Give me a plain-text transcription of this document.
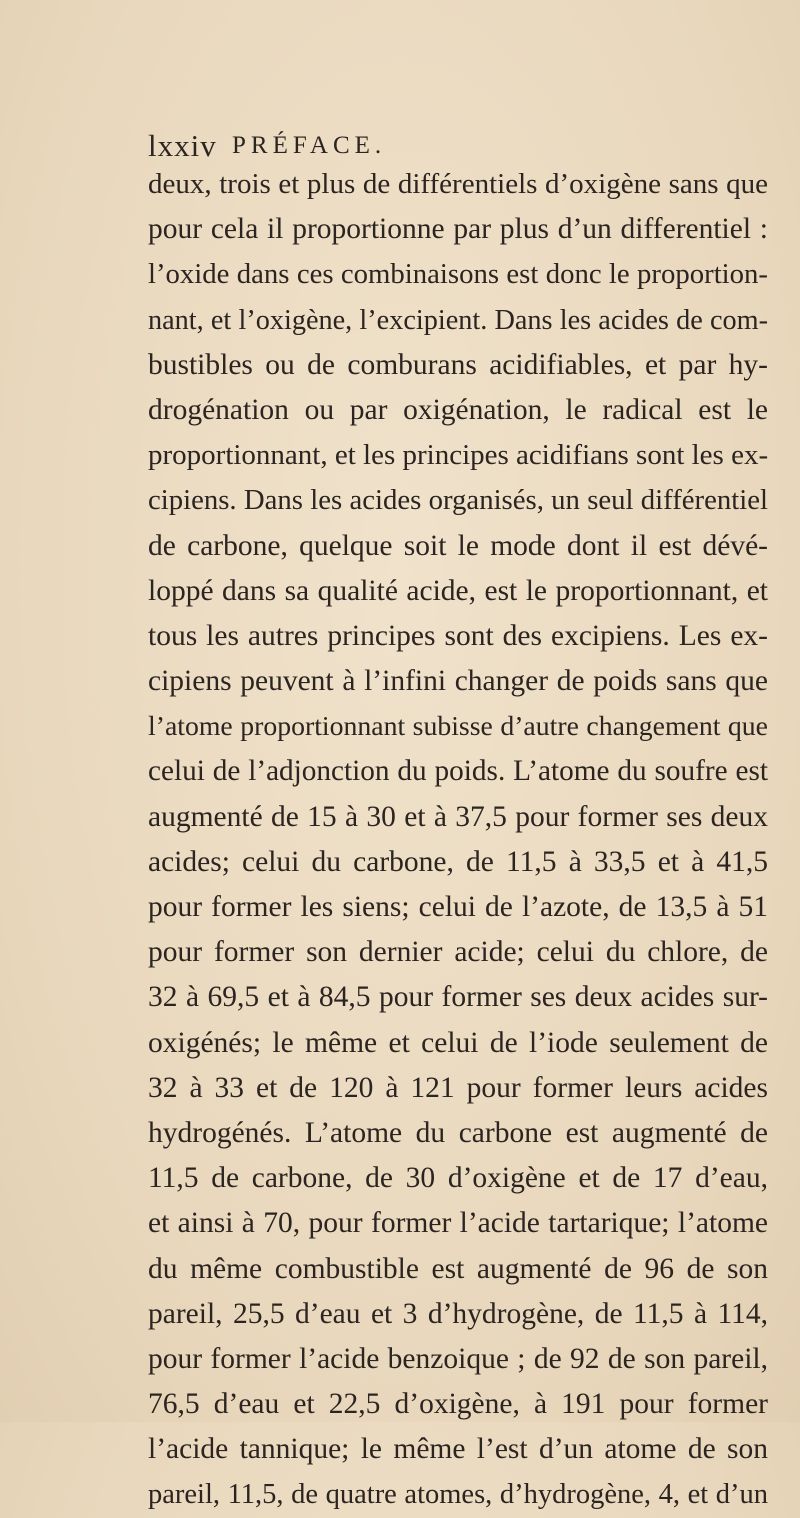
lxxiv PRÉFACE.
deux, trois et plus de différentiels d’oxigène sans que
pour cela il proportionne par plus d’un differentiel :
l’oxide dans ces combinaisons est donc le proportion-
nant, et l’oxigène, l’excipient. Dans les acides de com-
bustibles ou de comburans acidifiables, et par hy-
drogénation ou par oxigénation, le radical est le
proportionnant, et les principes acidifians sont les ex-
cipiens. Dans les acides organisés, un seul différentiel
de carbone, quelque soit le mode dont il est dévé-
loppé dans sa qualité acide, est le proportionnant, et
tous les autres principes sont des excipiens. Les ex-
cipiens peuvent à l’infini changer de poids sans que
l’atome proportionnant subisse d’autre changement que
celui de l’adjonction du poids. L’atome du soufre est
augmenté de 15 à 30 et à 37,5 pour former ses deux
acides; celui du carbone, de 11,5 à 33,5 et à 41,5
pour former les siens; celui de l’azote, de 13,5 à 51
pour former son dernier acide; celui du chlore, de
32 à 69,5 et à 84,5 pour former ses deux acides sur-
oxigénés; le même et celui de l’iode seulement de
32 à 33 et de 120 à 121 pour former leurs acides
hydrogénés. L’atome du carbone est augmenté de
11,5 de carbone, de 30 d’oxigène et de 17 d’eau,
et ainsi à 70, pour former l’acide tartarique; l’atome
du même combustible est augmenté de 96 de son
pareil, 25,5 d’eau et 3 d’hydrogène, de 11,5 à 114,
pour former l’acide benzoique ; de 92 de son pareil,
76,5 d’eau et 22,5 d’oxigène, à 191 pour former
l’acide tannique; le même l’est d’un atome de son
pareil, 11,5, de quatre atomes, d’hydrogène, 4, et d’un
